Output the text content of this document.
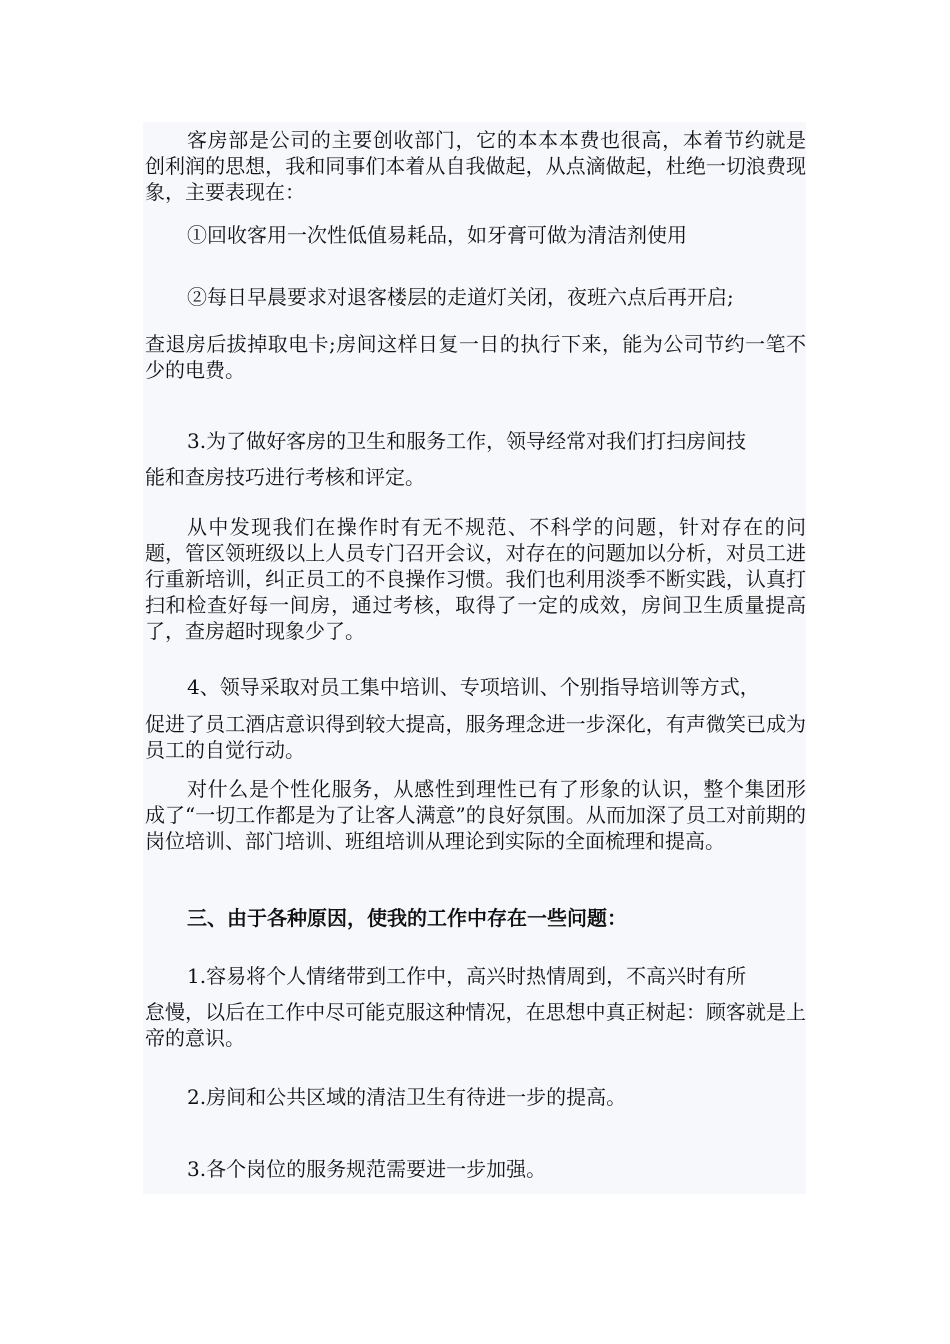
客房部是公司的主要创收部门，它的本本本费也很高，本着节约就是创利润的思想，我和同事们本着从自我做起，从点滴做起，杜绝一切浪费现象，主要表现在：
①回收客用一次性低值易耗品，如牙膏可做为清洁剂使用
②每日早晨要求对退客楼层的走道灯关闭，夜班六点后再开启;
查退房后拔掉取电卡;房间这样日复一日的执行下来，能为公司节约一笔不少的电费。
3.为了做好客房的卫生和服务工作，领导经常对我们打扫房间技
能和查房技巧进行考核和评定。
从中发现我们在操作时有无不规范、不科学的问题，针对存在的问题，管区领班级以上人员专门召开会议，对存在的问题加以分析，对员工进行重新培训，纠正员工的不良操作习惯。我们也利用淡季不断实践，认真打扫和检查好每一间房，通过考核，取得了一定的成效，房间卫生质量提高了，查房超时现象少了。
4、领导采取对员工集中培训、专项培训、个别指导培训等方式，
促进了员工酒店意识得到较大提高，服务理念进一步深化，有声微笑已成为员工的自觉行动。
对什么是个性化服务，从感性到理性已有了形象的认识，整个集团形成了“一切工作都是为了让客人满意”的良好氛围。从而加深了员工对前期的岗位培训、部门培训、班组培训从理论到实际的全面梳理和提高。
三、由于各种原因，使我的工作中存在一些问题：
1.容易将个人情绪带到工作中，高兴时热情周到，不高兴时有所
怠慢，以后在工作中尽可能克服这种情况，在思想中真正树起：顾客就是上帝的意识。
2.房间和公共区域的清洁卫生有待进一步的提高。
3.各个岗位的服务规范需要进一步加强。
